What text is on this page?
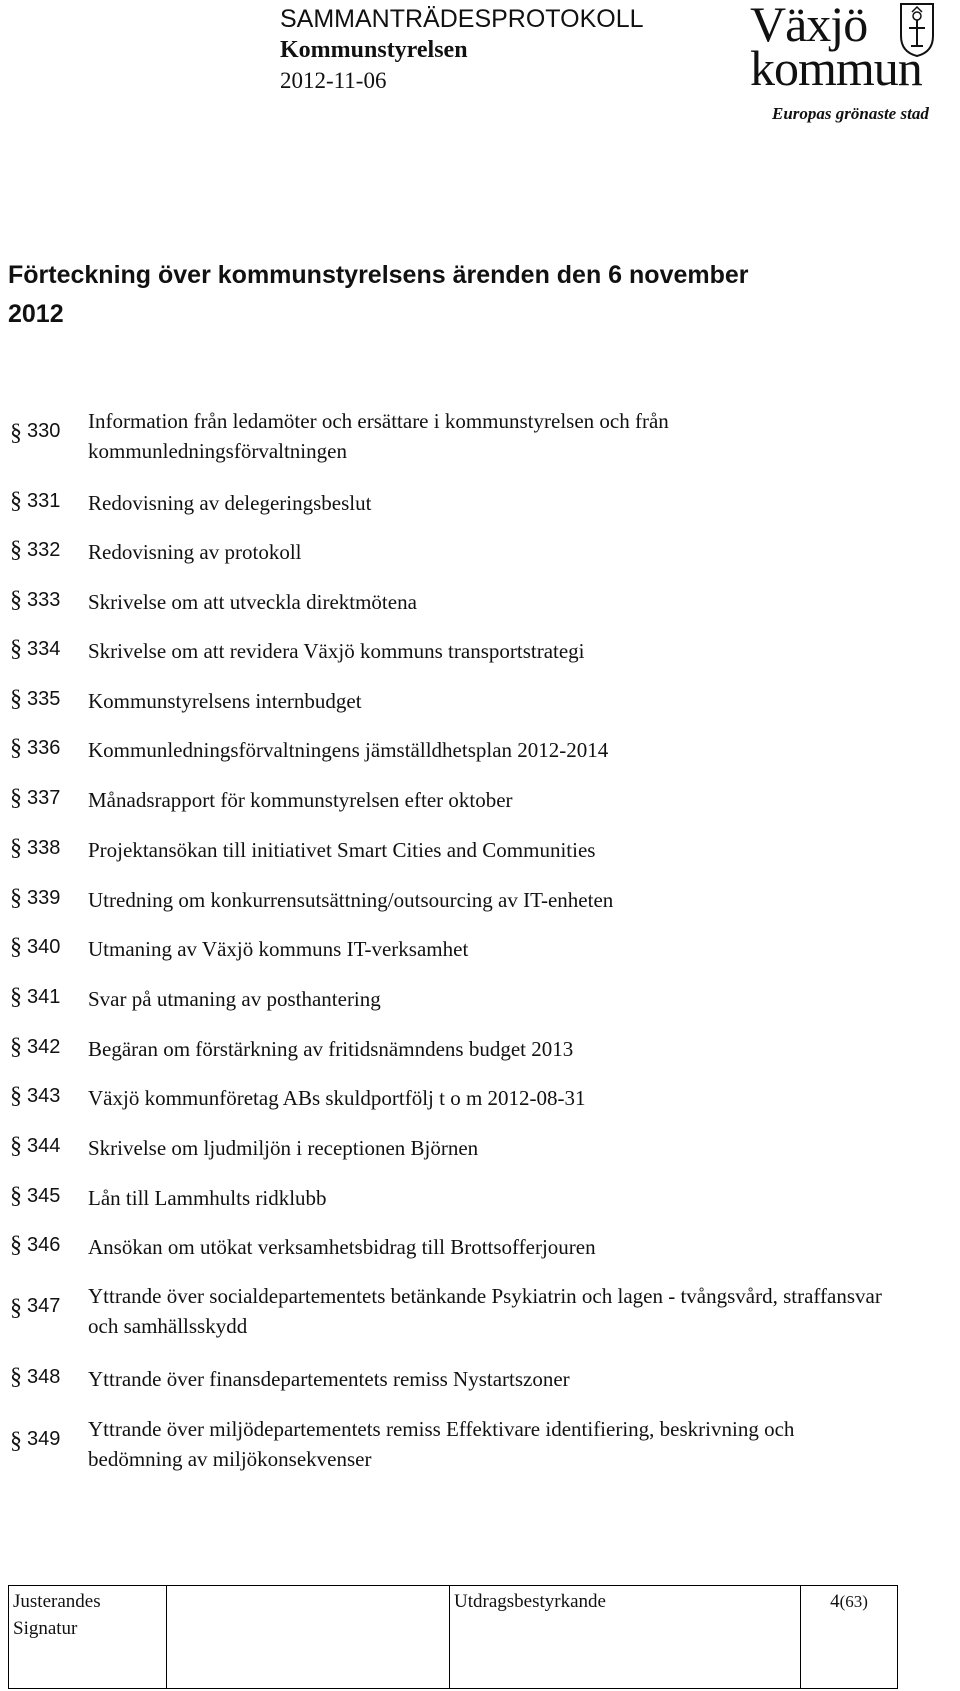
SAMMANTRÄDESPROTOKOLL
Kommunstyrelsen
2012-11-06
Växjö
kommun
Europas grönaste stad
Förteckning över kommunstyrelsens ärenden den 6 november 2012
§ 330 Information från ledamöter och ersättare i kommunstyrelsen och från kommunledningsförvaltningen
§ 331 Redovisning av delegeringsbeslut
§ 332 Redovisning av protokoll
§ 333 Skrivelse om att utveckla direktmötena
§ 334 Skrivelse om att revidera Växjö kommuns transportstrategi
§ 335 Kommunstyrelsens internbudget
§ 336 Kommunledningsförvaltningens jämställdhetsplan 2012-2014
§ 337 Månadsrapport för kommunstyrelsen efter oktober
§ 338 Projektansökan till initiativet Smart Cities and Communities
§ 339 Utredning om konkurrensutsättning/outsourcing av IT-enheten
§ 340 Utmaning av Växjö kommuns IT-verksamhet
§ 341 Svar på utmaning av posthantering
§ 342 Begäran om förstärkning av fritidsnämndens budget 2013
§ 343 Växjö kommunföretag ABs skuldportfölj t o m 2012-08-31
§ 344 Skrivelse om ljudmiljön i receptionen Björnen
§ 345 Lån till Lammhults ridklubb
§ 346 Ansökan om utökat verksamhetsbidrag till Brottsofferjouren
§ 347 Yttrande över socialdepartementets betänkande Psykiatrin och lagen - tvångsvård, straffansvar och samhällsskydd
§ 348 Yttrande över finansdepartementets remiss Nystartszoner
§ 349 Yttrande över miljödepartementets remiss Effektivare identifiering, beskrivning och bedömning av miljökonsekvenser
Justerandes
Signatur
		Utdragsbestyrkande	4(63)
